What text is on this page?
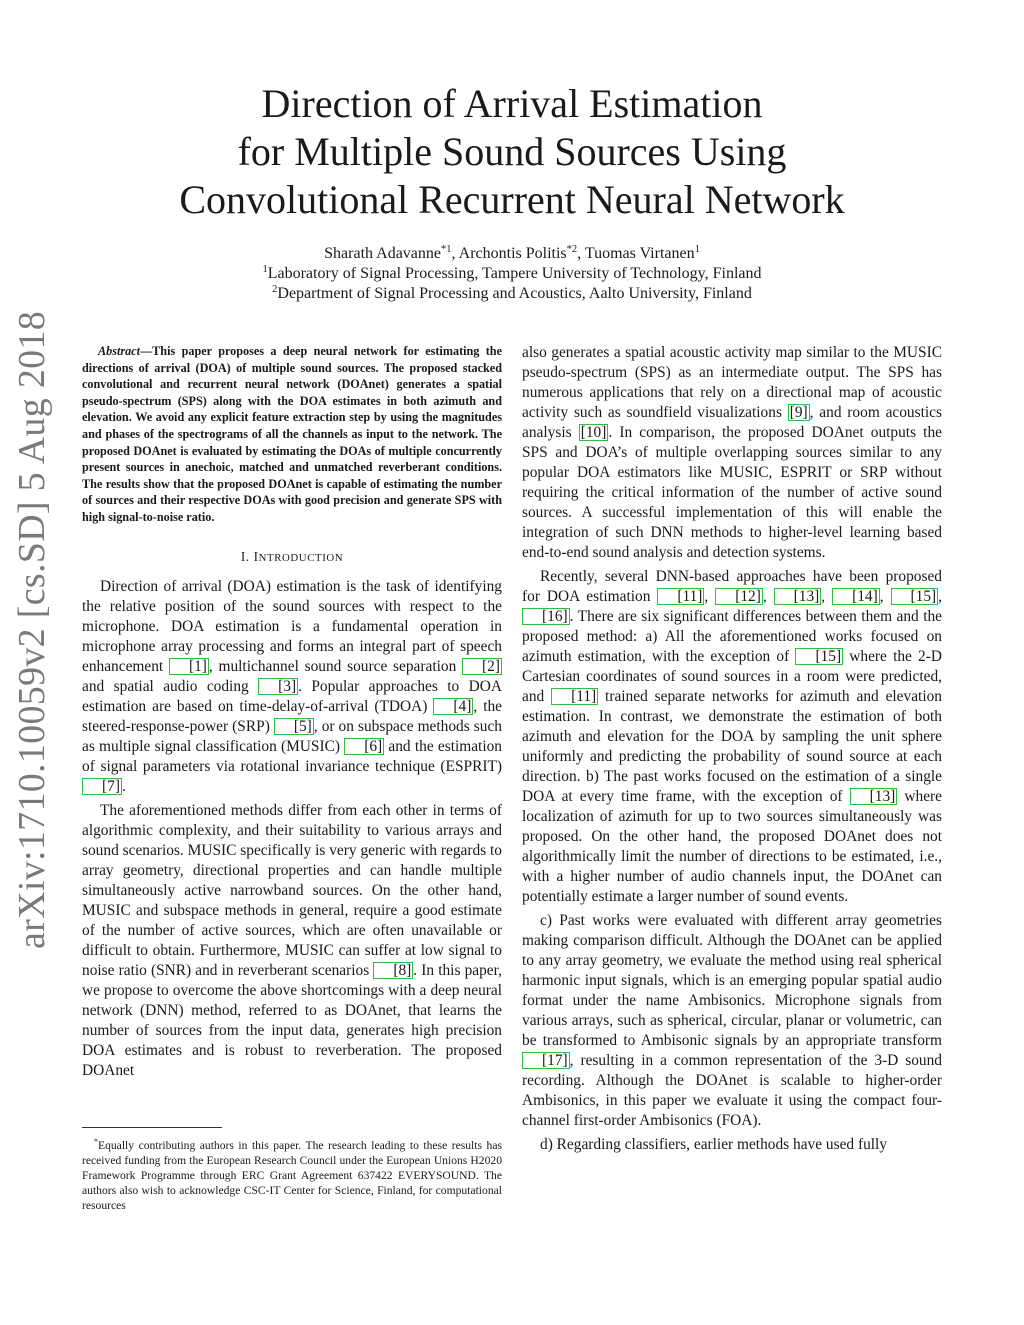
arXiv:1710.10059v2 [cs.SD] 5 Aug 2018
Direction of Arrival Estimation
for Multiple Sound Sources Using
Convolutional Recurrent Neural Network
Sharath Adavanne$^{*1}$, Archontis Politis$^{*2}$, Tuomas Virtanen$^1$
$^1$Laboratory of Signal Processing, Tampere University of Technology, Finland
$^2$Department of Signal Processing and Acoustics, Aalto University, Finland

Abstract—This paper proposes a deep neural network for estimating the directions of arrival (DOA) of multiple sound sources. The proposed stacked convolutional and recurrent neural network (DOAnet) generates a spatial pseudo-spectrum (SPS) along with the DOA estimates in both azimuth and elevation. We avoid any explicit feature extraction step by using the magnitudes and phases of the spectrograms of all the channels as input to the network. The proposed DOAnet is evaluated by estimating the DOAs of multiple concurrently present sources in anechoic, matched and unmatched reverberant conditions. The results show that the proposed DOAnet is capable of estimating the number of sources and their respective DOAs with good precision and generate SPS with high signal-to-noise ratio.

I. INTRODUCTION

Direction of arrival (DOA) estimation is the task of identifying the relative position of the sound sources with respect to the microphone. DOA estimation is a fundamental operation in microphone array processing and forms an integral part of speech enhancement [1] , multichannel sound source separation [2] and spatial audio coding [3] . Popular approaches to DOA estimation are based on time-delay-of-arrival (TDOA) [4] , the steered-response-power (SRP) [5] , or on subspace methods such as multiple signal classification (MUSIC) [6] and the estimation of signal parameters via rotational invariance technique (ESPRIT) [7] .

The aforementioned methods differ from each other in terms of algorithmic complexity, and their suitability to various arrays and sound scenarios. MUSIC specifically is very generic with regards to array geometry, directional properties and can handle multiple simultaneously active narrowband sources. On the other hand, MUSIC and subspace methods in general, require a good estimate of the number of active sources, which are often unavailable or difficult to obtain. Furthermore, MUSIC can suffer at low signal to noise ratio (SNR) and in reverberant scenarios [8] . In this paper, we propose to overcome the above shortcomings with a deep neural network (DNN) method, referred to as DOAnet, that learns the number of sources from the input data, generates high precision DOA estimates and is robust to reverberation. The proposed DOAnet

*Equally contributing authors in this paper. The research leading to these results has received funding from the European Research Council under the European Unions H2020 Framework Programme through ERC Grant Agreement 637422 EVERYSOUND. The authors also wish to acknowledge CSC-IT Center for Science, Finland, for computational resources

also generates a spatial acoustic activity map similar to the MUSIC pseudo-spectrum (SPS) as an intermediate output. The SPS has numerous applications that rely on a directional map of acoustic activity such as soundfield visualizations [9] , and room acoustics analysis [10] . In comparison, the proposed DOAnet outputs the SPS and DOA’s of multiple overlapping sources similar to any popular DOA estimators like MUSIC, ESPRIT or SRP without requiring the critical information of the number of active sound sources. A successful implementation of this will enable the integration of such DNN methods to higher-level learning based end-to-end sound analysis and detection systems.

Recently, several DNN-based approaches have been proposed for DOA estimation [11] , [12] , [13] , [14] , [15] , [16] . There are six significant differences between them and the proposed method: a) All the aforementioned works focused on azimuth estimation, with the exception of [15] where the 2-D Cartesian coordinates of sound sources in a room were predicted, and [11] trained separate networks for azimuth and elevation estimation. In contrast, we demonstrate the estimation of both azimuth and elevation for the DOA by sampling the unit sphere uniformly and predicting the probability of sound source at each direction. b) The past works focused on the estimation of a single DOA at every time frame, with the exception of [13] where localization of azimuth for up to two sources simultaneously was proposed. On the other hand, the proposed DOAnet does not algorithmically limit the number of directions to be estimated, i.e., with a higher number of audio channels input, the DOAnet can potentially estimate a larger number of sound events.

c) Past works were evaluated with different array geometries making comparison difficult. Although the DOAnet can be applied to any array geometry, we evaluate the method using real spherical harmonic input signals, which is an emerging popular spatial audio format under the name Ambisonics. Microphone signals from various arrays, such as spherical, circular, planar or volumetric, can be transformed to Ambisonic signals by an appropriate transform [17] , resulting in a common representation of the 3-D sound recording. Although the DOAnet is scalable to higher-order Ambisonics, in this paper we evaluate it using the compact four-channel first-order Ambisonics (FOA).

d) Regarding classifiers, earlier methods have used fully
